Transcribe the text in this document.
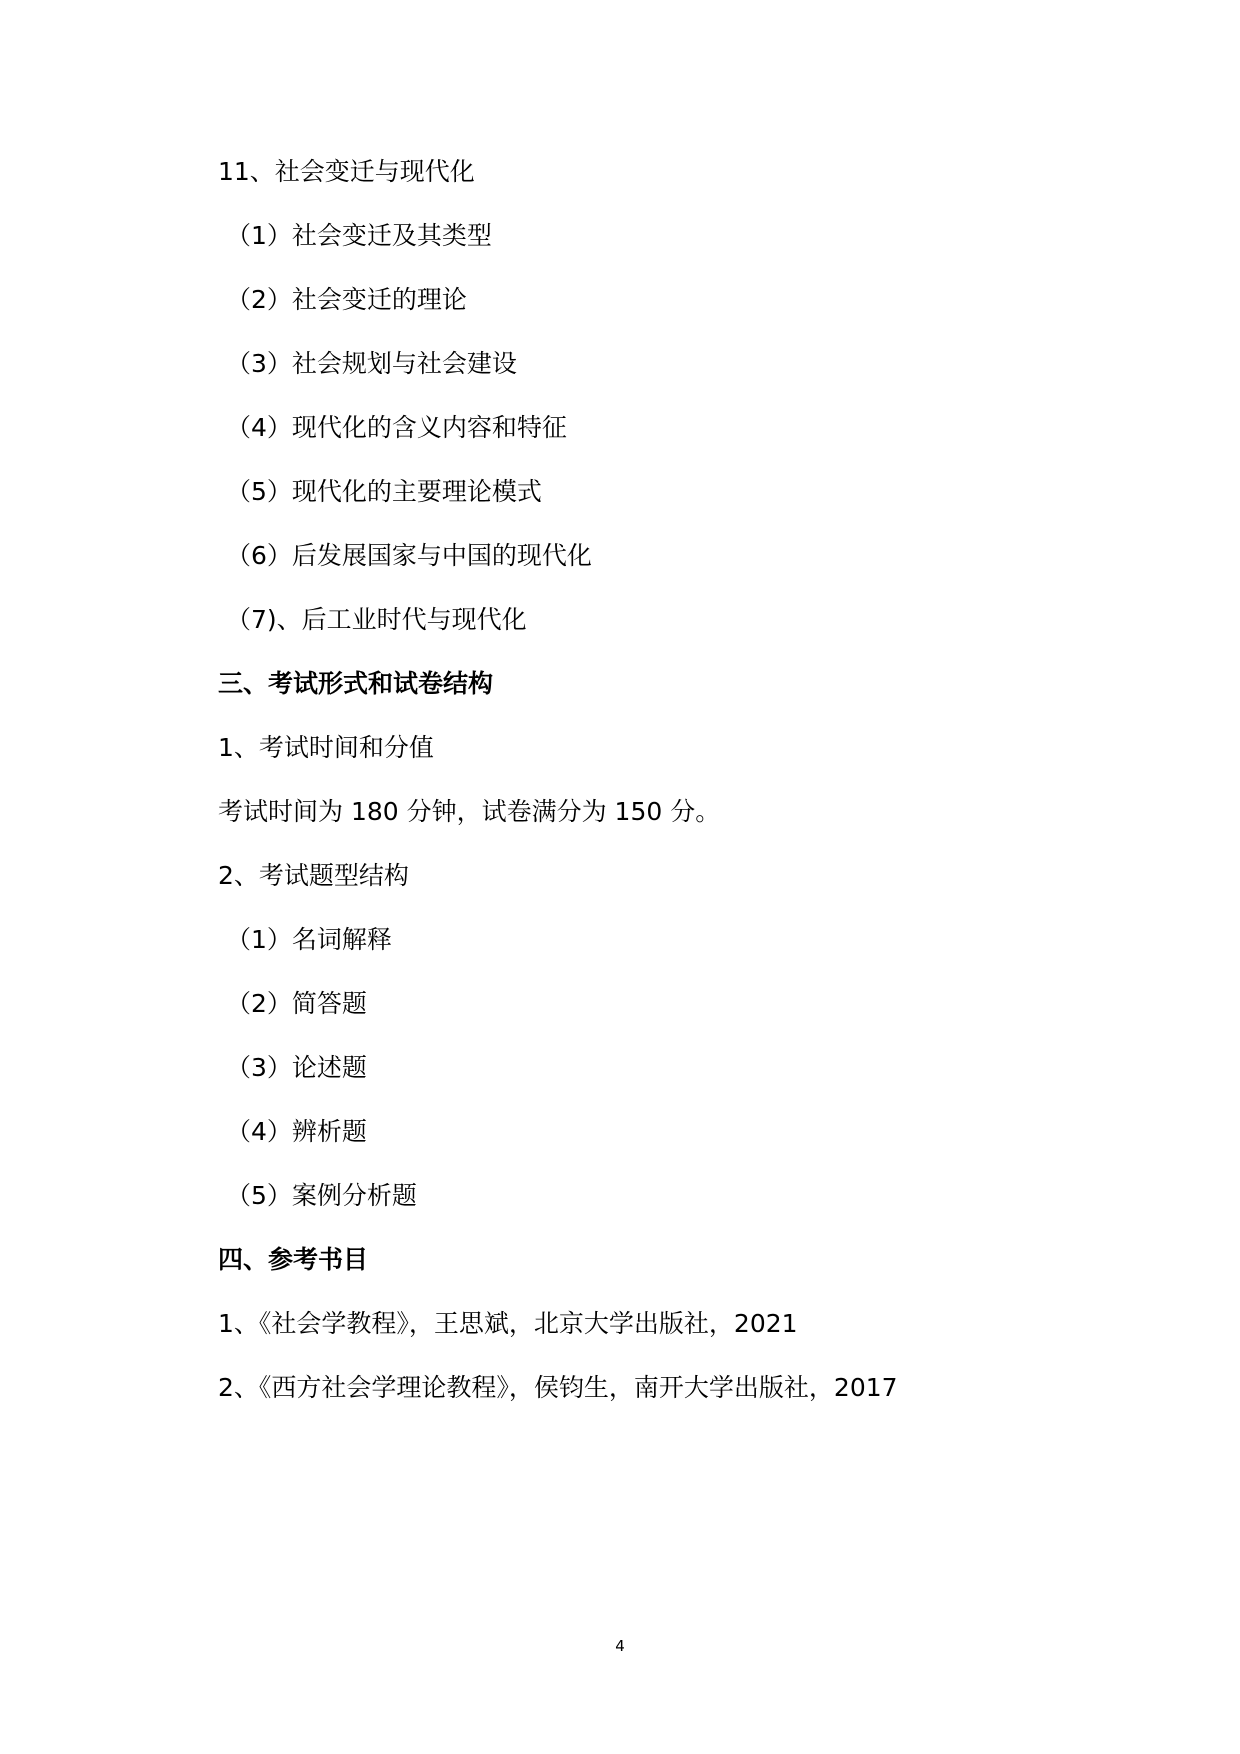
11、社会变迁与现代化
（1）社会变迁及其类型
（2）社会变迁的理论
（3）社会规划与社会建设
（4）现代化的含义内容和特征
（5）现代化的主要理论模式
（6）后发展国家与中国的现代化
（7)、后工业时代与现代化
三、考试形式和试卷结构
1、考试时间和分值
考试时间为 180 分钟，试卷满分为 150 分。
2、考试题型结构
（1）名词解释
（2）简答题
（3）论述题
（4）辨析题
（5）案例分析题
四、参考书目
1、《社会学教程》，王思斌，北京大学出版社，2021
2、《西方社会学理论教程》，侯钧生，南开大学出版社，2017
4
